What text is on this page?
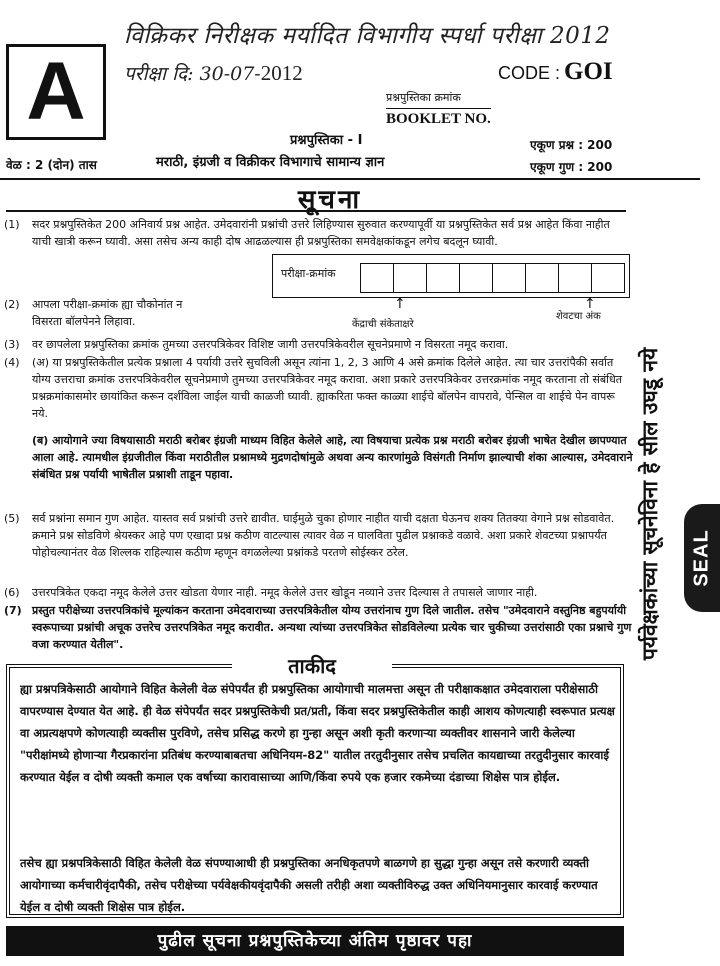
A
विक्रिकर निरीक्षक मर्यादित विभागीय स्पर्धा परीक्षा 2012
परीक्षा दि: 30-07-2012	CODE : GOI
प्रश्नपुस्तिका क्रमांक
BOOKLET NO.
प्रश्नपुस्तिका - I
मराठी, इंग्रजी व विक्रीकर विभागाचे सामान्य ज्ञान
वेळ : 2 (दोन) तास
एकूण प्रश्न : 200
एकूण गुण : 200
सूचना
(1) सदर प्रश्नपुस्तिकेत 200 अनिवार्य प्रश्न आहेत. उमेदवारांनी प्रश्नांची उत्तरे लिहिण्यास सुरुवात करण्यापूर्वी या प्रश्नपुस्तिकेत सर्व प्रश्न आहेत किंवा नाहीत याची खात्री करून घ्यावी. असा तसेच अन्य काही दोष आढळल्यास ही प्रश्नपुस्तिका समवेक्षकांकडून लगेच बदलून घ्यावी.
परीक्षा-क्रमांक
↑	↑
केंद्राची संकेताक्षरे
शेवटचा अंक
(2) आपला परीक्षा-क्रमांक ह्या चौकोनांत न विसरता बॉलपेनने लिहावा.
(3) वर छापलेला प्रश्नपुस्तिका क्रमांक तुमच्या उत्तरपत्रिकेवर विशिष्ट जागी उत्तरपत्रिकेवरील सूचनेप्रमाणे न विसरता नमूद करावा.
(4) (अ) या प्रश्नपुस्तिकेतील प्रत्येक प्रश्नाला 4 पर्यायी उत्तरे सुचविली असून त्यांना 1, 2, 3 आणि 4 असे क्रमांक दिलेले आहेत. त्या चार उत्तरांपैकी सर्वात योग्य उत्तराचा क्रमांक उत्तरपत्रिकेवरील सूचनेप्रमाणे तुमच्या उत्तरपत्रिकेवर नमूद करावा. अशा प्रकारे उत्तरपत्रिकेवर उत्तरक्रमांक नमूद करताना तो संबंधित प्रश्नक्रमांकासमोर छायांकित करून दर्शविला जाईल याची काळजी घ्यावी. ह्याकरिता फक्त काळ्या शाईचे बॉलपेन वापरावे, पेन्सिल वा शाईचे पेन वापरू नये.
(ब) आयोगाने ज्या विषयासाठी मराठी बरोबर इंग्रजी माध्यम विहित केलेले आहे, त्या विषयाचा प्रत्येक प्रश्न मराठी बरोबर इंग्रजी भाषेत देखील छापण्यात आला आहे. त्यामधील इंग्रजीतील किंवा मराठीतील प्रश्नामध्ये मुद्रणदोषांमुळे अथवा अन्य कारणांमुळे विसंगती निर्माण झाल्याची शंका आल्यास, उमेदवाराने संबंधित प्रश्न पर्यायी भाषेतील प्रश्नाशी ताडून पहावा.
(5) सर्व प्रश्नांना समान गुण आहेत. यास्तव सर्व प्रश्नांची उत्तरे द्यावीत. घाईमुळे चुका होणार नाहीत याची दक्षता घेऊनच शक्य तितक्या वेगाने प्रश्न सोडवावेत. क्रमाने प्रश्न सोडविणे श्रेयस्कर आहे पण एखादा प्रश्न कठीण वाटल्यास त्यावर वेळ न घालविता पुढील प्रश्नाकडे वळावे. अशा प्रकारे शेवटच्या प्रश्नापर्यंत पोहोचल्यानंतर वेळ शिल्लक राहिल्यास कठीण म्हणून वगळलेल्या प्रश्नांकडे परतणे सोईस्कर ठरेल.
(6) उत्तरपत्रिकेत एकदा नमूद केलेले उत्तर खोडता येणार नाही. नमूद केलेले उत्तर खोडून नव्याने उत्तर दिल्यास ते तपासले जाणार नाही.
(7) प्रस्तुत परीक्षेच्या उत्तरपत्रिकांचे मूल्यांकन करताना उमेदवाराच्या उत्तरपत्रिकेतील योग्य उत्तरांनाच गुण दिले जातील. तसेच "उमेदवाराने वस्तुनिष्ठ बहुपर्यायी स्वरूपाच्या प्रश्नांची अचूक उत्तरेच उत्तरपत्रिकेत नमूद करावीत. अन्यथा त्यांच्या उत्तरपत्रिकेत सोडविलेल्या प्रत्येक चार चुकीच्या उत्तरांसाठी एका प्रश्नाचे गुण वजा करण्यात येतील".	पर्यवेक्षकांच्या सूचनेविना हे सील उघडू नये SEAL
ह्या प्रश्नपत्रिकेसाठी आयोगाने विहित केलेली वेळ संपेपर्यंत ही प्रश्नपुस्तिका आयोगाची मालमत्ता असून ती परीक्षाकक्षात उमेदवाराला परीक्षेसाठी वापरण्यास देण्यात येत आहे. ही वेळ संपेपर्यंत सदर प्रश्नपुस्तिकेची प्रत/प्रती, किंवा सदर प्रश्नपुस्तिकेतील काही आशय कोणत्याही स्वरूपात प्रत्यक्ष वा अप्रत्यक्षपणे कोणत्याही व्यक्तीस पुरविणे, तसेच प्रसिद्ध करणे हा गुन्हा असून अशी कृती करणाऱ्या व्यक्तीवर शासनाने जारी केलेल्या "परीक्षांमध्ये होणाऱ्या गैरप्रकारांना प्रतिबंध करण्याबाबतचा अधिनियम-82" यातील तरतुदीनुसार तसेच प्रचलित कायद्याच्या तरतुदीनुसार कारवाई करण्यात येईल व दोषी व्यक्ती कमाल एक वर्षाच्या कारावासाच्या आणि/किंवा रुपये एक हजार रकमेच्या दंडाच्या शिक्षेस पात्र होईल.
तसेच ह्या प्रश्नपत्रिकेसाठी विहित केलेली वेळ संपण्याआधी ही प्रश्नपुस्तिका अनधिकृतपणे बाळगणे हा सुद्धा गुन्हा असून तसे करणारी व्यक्ती आयोगाच्या कर्मचारीवृंदापैकी, तसेच परीक्षेच्या पर्यवेक्षकीयवृंदापैकी असली तरीही अशा व्यक्तीविरुद्ध उक्त अधिनियमानुसार कारवाई करण्यात येईल व दोषी व्यक्ती शिक्षेस पात्र होईल.
ताकीद
पुढील सूचना प्रश्नपुस्तिकेच्या अंतिम पृष्ठावर पहा
